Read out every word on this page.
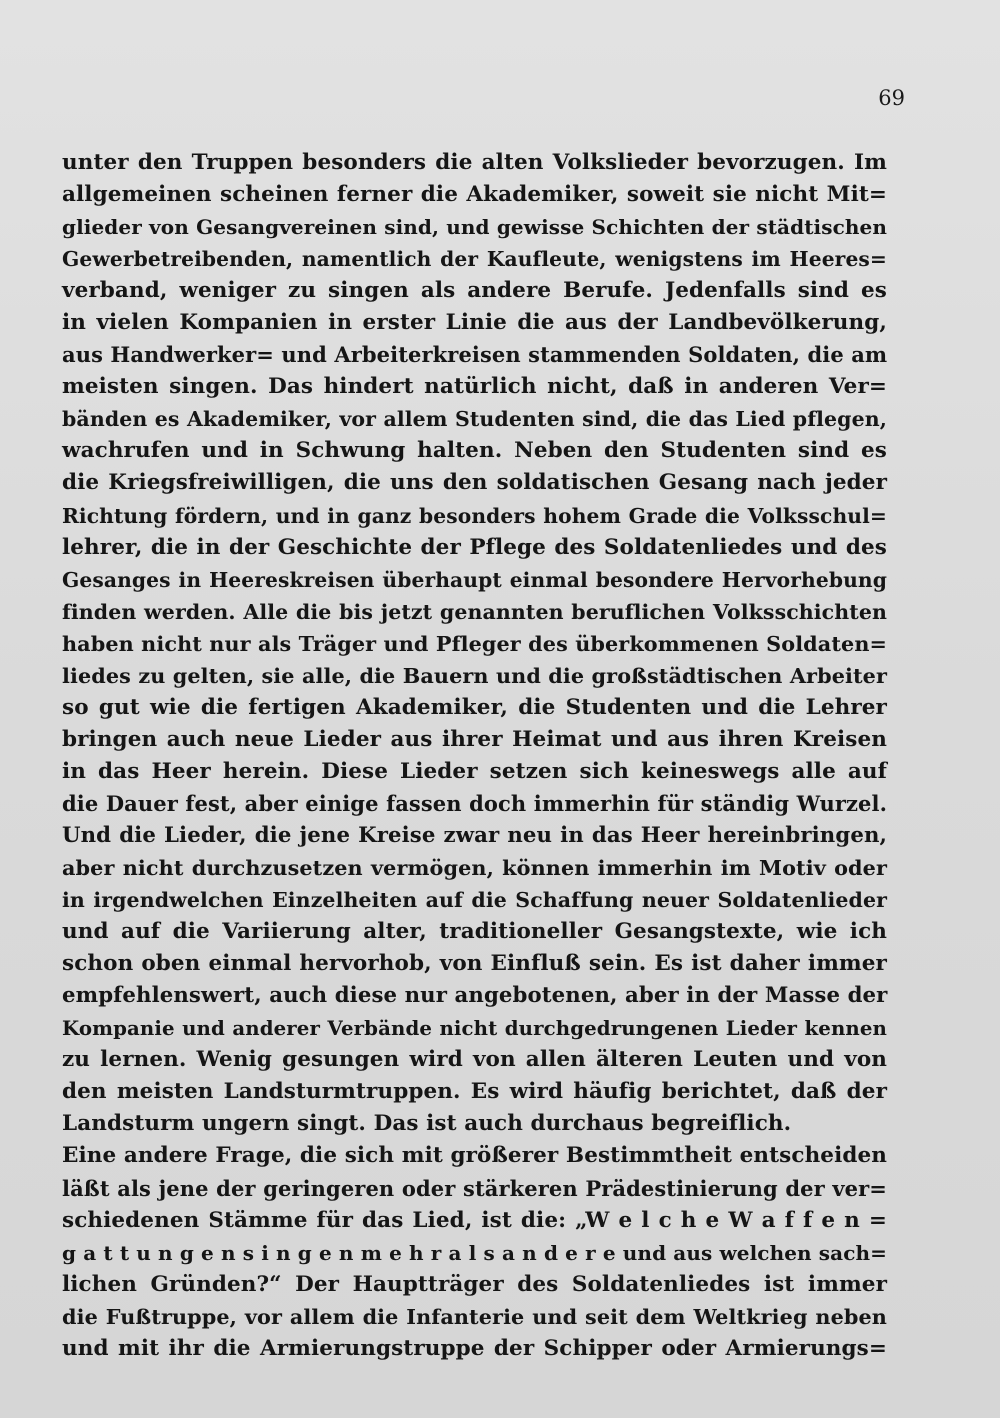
69
unter den Truppen besonders die alten Volkslieder bevorzugen. Im
allgemeinen scheinen ferner die Akademiker, soweit sie nicht Mit=
glieder von Gesangvereinen sind, und gewisse Schichten der städtischen
Gewerbetreibenden, namentlich der Kaufleute, wenigstens im Heeres=
verband, weniger zu singen als andere Berufe. Jedenfalls sind es
in vielen Kompanien in erster Linie die aus der Landbevölkerung,
aus Handwerker= und Arbeiterkreisen stammenden Soldaten, die am
meisten singen. Das hindert natürlich nicht, daß in anderen Ver=
bänden es Akademiker, vor allem Studenten sind, die das Lied pflegen,
wachrufen und in Schwung halten. Neben den Studenten sind es
die Kriegsfreiwilligen, die uns den soldatischen Gesang nach jeder
Richtung fördern, und in ganz besonders hohem Grade die Volksschul=
lehrer, die in der Geschichte der Pflege des Soldatenliedes und des
Gesanges in Heereskreisen überhaupt einmal besondere Hervorhebung
finden werden. Alle die bis jetzt genannten beruflichen Volksschichten
haben nicht nur als Träger und Pfleger des überkommenen Soldaten=
liedes zu gelten, sie alle, die Bauern und die großstädtischen Arbeiter
so gut wie die fertigen Akademiker, die Studenten und die Lehrer
bringen auch neue Lieder aus ihrer Heimat und aus ihren Kreisen
in das Heer herein. Diese Lieder setzen sich keineswegs alle auf
die Dauer fest, aber einige fassen doch immerhin für ständig Wurzel.
Und die Lieder, die jene Kreise zwar neu in das Heer hereinbringen,
aber nicht durchzusetzen vermögen, können immerhin im Motiv oder
in irgendwelchen Einzelheiten auf die Schaffung neuer Soldatenlieder
und auf die Variierung alter, traditioneller Gesangstexte, wie ich
schon oben einmal hervorhob, von Einfluß sein. Es ist daher immer
empfehlenswert, auch diese nur angebotenen, aber in der Masse der
Kompanie und anderer Verbände nicht durchgedrungenen Lieder kennen
zu lernen. Wenig gesungen wird von allen älteren Leuten und von
den meisten Landsturmtruppen. Es wird häufig berichtet, daß der
Landsturm ungern singt. Das ist auch durchaus begreiflich.
Eine andere Frage, die sich mit größerer Bestimmtheit entscheiden
läßt als jene der geringeren oder stärkeren Prädestinierung der ver=
schiedenen Stämme für das Lied, ist die: „W e l c h e W a f f e n =
g a t t u n g e n s i n g e n m e h r a l s a n d e r e und aus welchen sach=
lichen Gründen?“ Der Hauptträger des Soldatenliedes ist immer
die Fußtruppe, vor allem die Infanterie und seit dem Weltkrieg neben
und mit ihr die Armierungstruppe der Schipper oder Armierungs=
